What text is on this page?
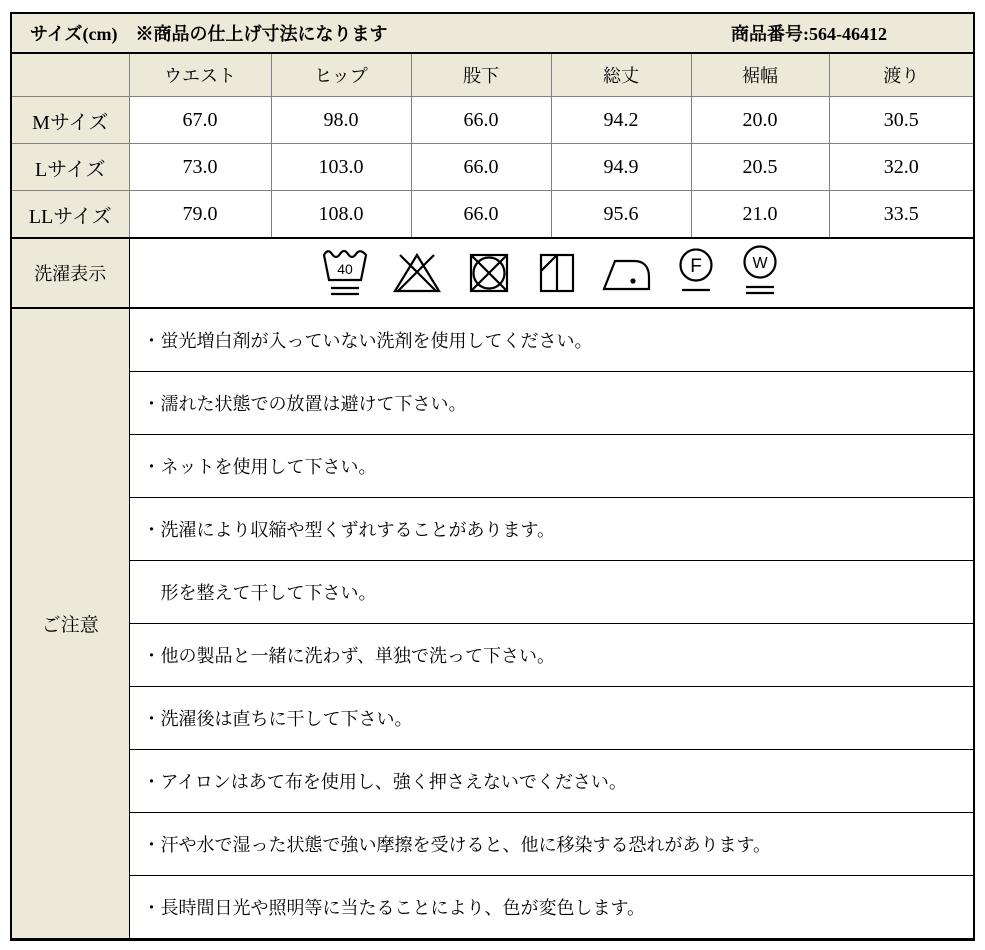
サイズ(cm)　※商品の仕上げ寸法になります 商品番号:564-46412						

	ウエスト	ヒップ	股下	総丈	裾幅	渡り
Mサイズ	67.0	98.0	66.0	94.2	20.0	30.5
Lサイズ	73.0	103.0	66.0	94.9	20.5	32.0
LLサイズ	79.0	108.0	66.0	95.6	21.0	33.5
洗濯表示	40 F W					

ご注意	・蛍光増白剤が入っていない洗剤を使用してください。					
	・濡れた状態での放置は避けて下さい。					
	・ネットを使用して下さい。					
	・洗濯により収縮や型くずれすることがあります。					
	　形を整えて干して下さい。					
	・他の製品と一緒に洗わず、単独で洗って下さい。					
	・洗濯後は直ちに干して下さい。					
	・アイロンはあて布を使用し、強く押さえないでください。					
	・汗や水で湿った状態で強い摩擦を受けると、他に移染する恐れがあります。					
	・長時間日光や照明等に当たることにより、色が変色します。					
